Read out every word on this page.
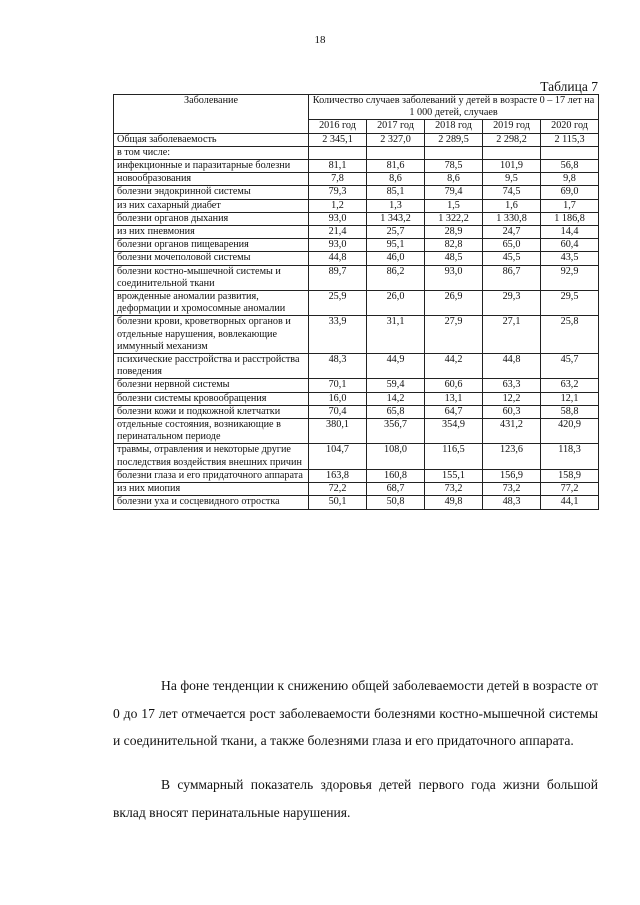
18
Таблица 7
Заболевание	Количество случаев заболеваний у детей в возрасте 0 – 17 лет на 1 000 детей, случаев				
	2016 год	2017 год	2018 год	2019 год	2020 год
Общая заболеваемость	2 345,1	2 327,0	2 289,5	2 298,2	2 115,3
в том числе:					
инфекционные и паразитарные болезни	81,1	81,6	78,5	101,9	56,8
новообразования	7,8	8,6	8,6	9,5	9,8
болезни эндокринной системы	79,3	85,1	79,4	74,5	69,0
из них сахарный диабет	1,2	1,3	1,5	1,6	1,7
болезни органов дыхания	93,0	1 343,2	1 322,2	1 330,8	1 186,8
из них пневмония	21,4	25,7	28,9	24,7	14,4
болезни органов пищеварения	93,0	95,1	82,8	65,0	60,4
болезни мочеполовой системы	44,8	46,0	48,5	45,5	43,5
болезни костно-мышечной системы и соединительной ткани	89,7	86,2	93,0	86,7	92,9
врожденные аномалии развития, деформации и хромосомные аномалии	25,9	26,0	26,9	29,3	29,5
болезни крови, кроветворных органов и отдельные нарушения, вовлекающие иммунный механизм	33,9	31,1	27,9	27,1	25,8
психические расстройства и расстройства поведения	48,3	44,9	44,2	44,8	45,7
болезни нервной системы	70,1	59,4	60,6	63,3	63,2
болезни системы кровообращения	16,0	14,2	13,1	12,2	12,1
болезни кожи и подкожной клетчатки	70,4	65,8	64,7	60,3	58,8
отдельные состояния, возникающие в перинатальном периоде	380,1	356,7	354,9	431,2	420,9
травмы, отравления и некоторые другие последствия воздействия внешних причин	104,7	108,0	116,5	123,6	118,3
болезни глаза и его придаточного аппарата	163,8	160,8	155,1	156,9	158,9
из них миопия	72,2	68,7	73,2	73,2	77,2
болезни уха и сосцевидного отростка	50,1	50,8	49,8	48,3	44,1
На фоне тенденции к снижению общей заболеваемости детей в возрасте от 0 до 17 лет отмечается рост заболеваемости болезнями костно-мышечной системы и соединительной ткани, а также болезнями глаза и его придаточного аппарата.
В суммарный показатель здоровья детей первого года жизни большой вклад вносят перинатальные нарушения.
